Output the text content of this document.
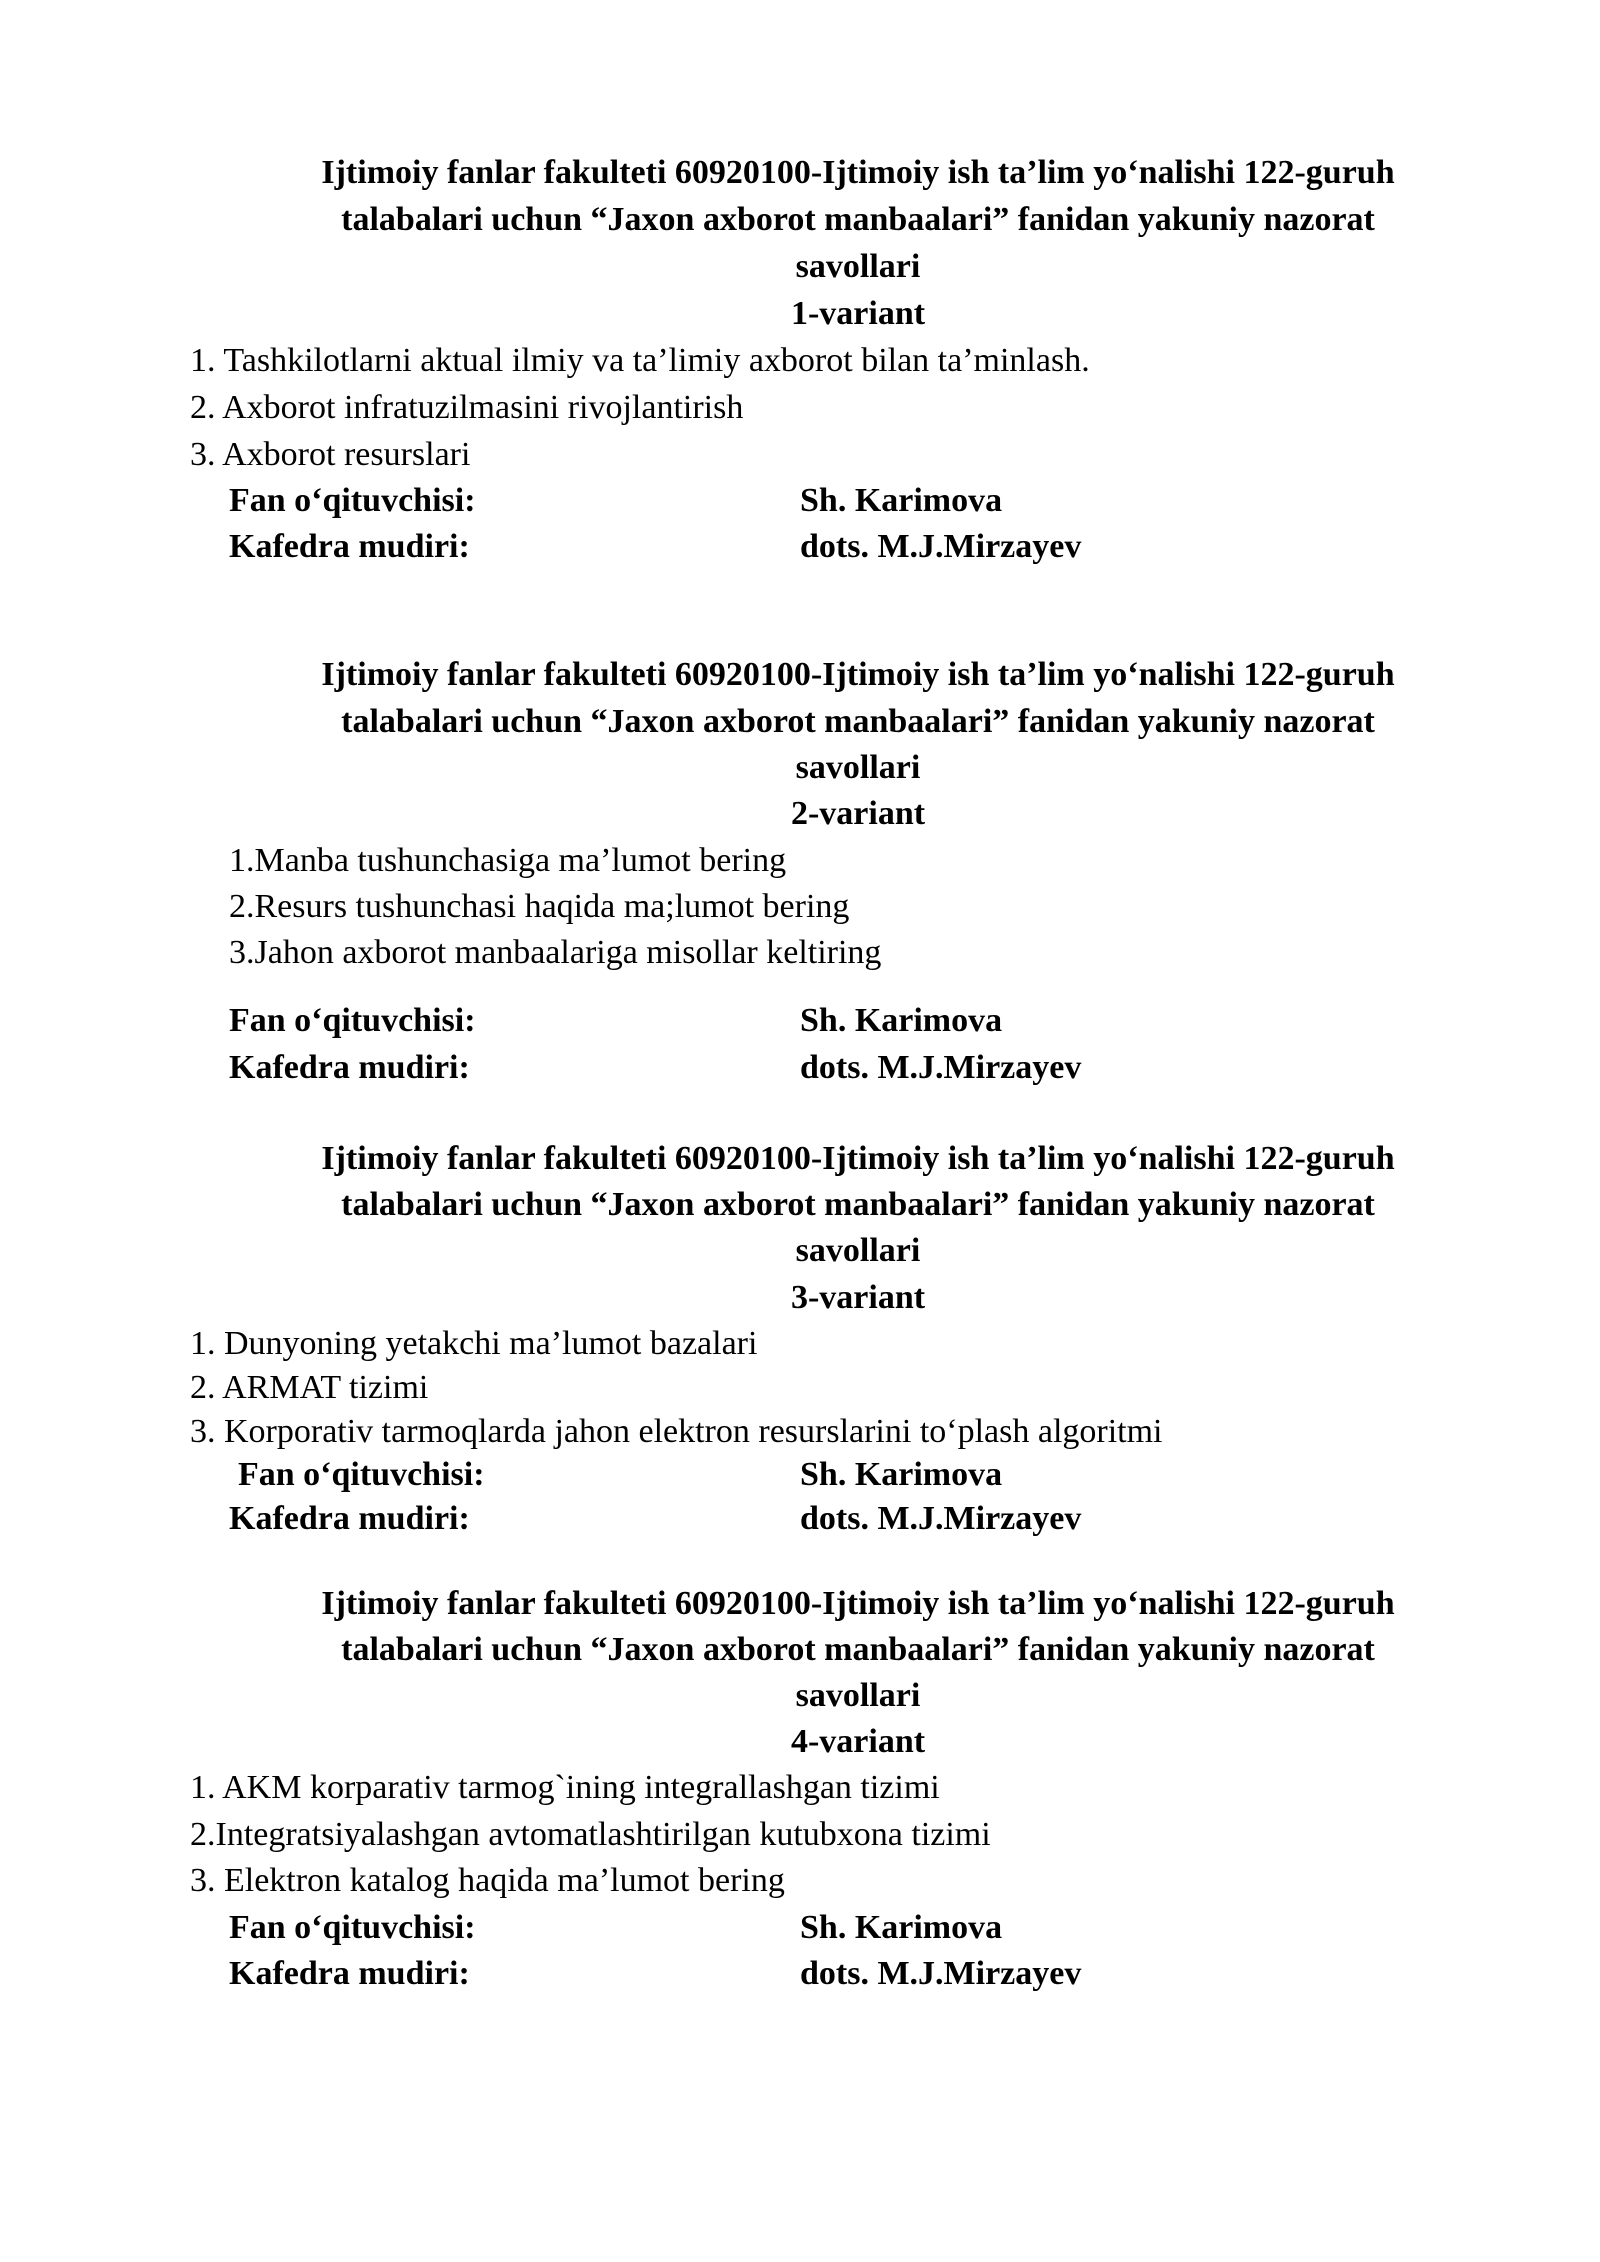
Ijtimoiy fanlar fakulteti 60920100-Ijtimoiy ish ta’lim yo‘nalishi 122-guruh

talabalari uchun “Jaxon axborot manbaalari” fanidan yakuniy nazorat

savollari

1-variant

1. Tashkilotlarni aktual ilmiy va ta’limiy axborot bilan ta’minlash.

2. Axborot infratuzilmasini rivojlantirish

3. Axborot resurslari

Fan o‘qituvchisi:	Sh. Karimova

Kafedra mudiri:	dots. M.J.Mirzayev

Ijtimoiy fanlar fakulteti 60920100-Ijtimoiy ish ta’lim yo‘nalishi 122-guruh

talabalari uchun “Jaxon axborot manbaalari” fanidan yakuniy nazorat

savollari

2-variant

1.Manba tushunchasiga ma’lumot bering

2.Resurs tushunchasi haqida ma;lumot bering

3.Jahon axborot manbaalariga misollar keltiring

Fan o‘qituvchisi:	Sh. Karimova

Kafedra mudiri:	dots. M.J.Mirzayev

Ijtimoiy fanlar fakulteti 60920100-Ijtimoiy ish ta’lim yo‘nalishi 122-guruh

talabalari uchun “Jaxon axborot manbaalari” fanidan yakuniy nazorat

savollari

3-variant

1. Dunyoning yetakchi ma’lumot bazalari

2. ARMAT tizimi

3. Korporativ tarmoqlarda jahon elektron resurslarini to‘plash algoritmi

Fan o‘qituvchisi:	Sh. Karimova

Kafedra mudiri:	dots. M.J.Mirzayev

Ijtimoiy fanlar fakulteti 60920100-Ijtimoiy ish ta’lim yo‘nalishi 122-guruh

talabalari uchun “Jaxon axborot manbaalari” fanidan yakuniy nazorat

savollari

4-variant

1. AKM korparativ tarmog`ining integrallashgan tizimi

2.Integratsiyalashgan avtomatlashtirilgan kutubxona tizimi

3. Elektron katalog haqida ma’lumot bering

Fan o‘qituvchisi:	Sh. Karimova

Kafedra mudiri:	dots. M.J.Mirzayev
